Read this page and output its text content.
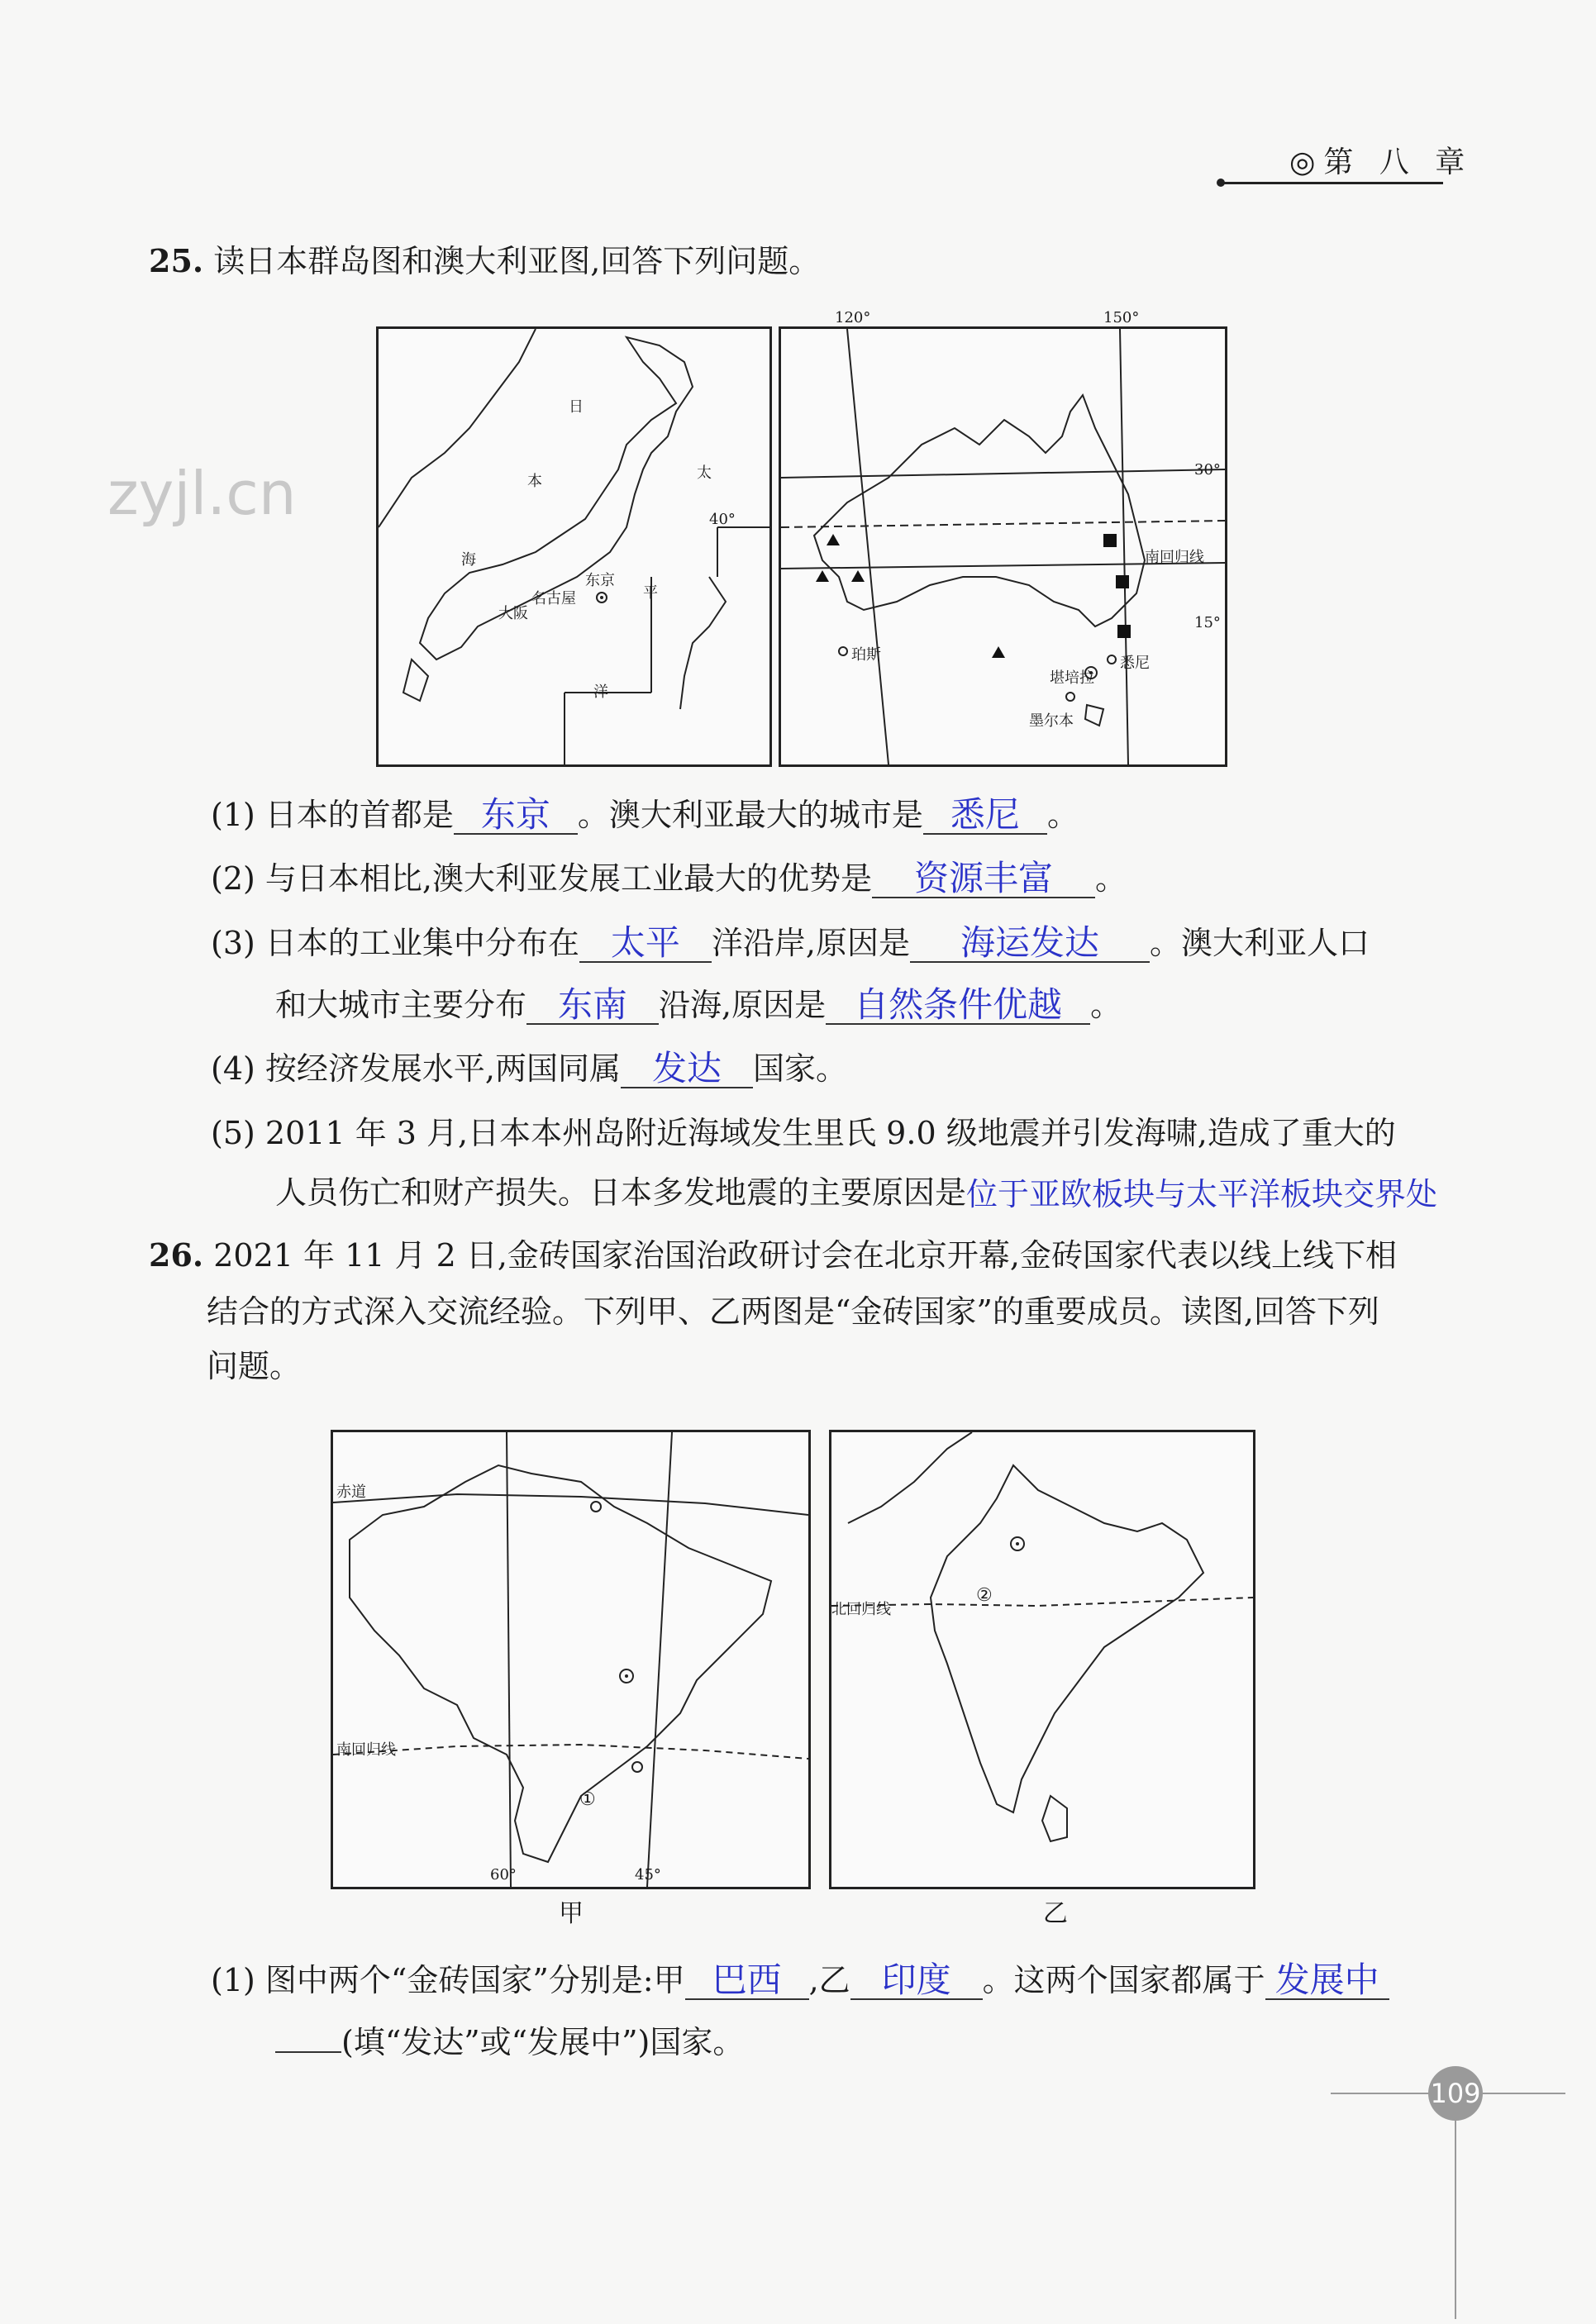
◎第 八 章
25. 读日本群岛图和澳大利亚图,回答下列问题。
日
本
海
太
平
洋
40°
东京
名古屋
大阪
120°	150°
30°
15°
南回归线
珀斯	悉尼
堪培拉
墨尔本
zyjl.cn
(1) 日本的首都是 东京 。澳大利亚最大的城市是 悉尼 。
(2) 与日本相比,澳大利亚发展工业最大的优势是 资源丰富 。
(3) 日本的工业集中分布在 太平 洋沿岸,原因是 海运发达 。澳大利亚人口
和大城市主要分布 东南 沿海,原因是 自然条件优越 。
(4) 按经济发展水平,两国同属 发达 国家。
(5) 2011 年 3 月,日本本州岛附近海域发生里氏 9.0 级地震并引发海啸,造成了重大的
人员伤亡和财产损失。日本多发地震的主要原因是位于亚欧板块与太平洋板块交界处
26. 2021 年 11 月 2 日,金砖国家治国治政研讨会在北京开幕,金砖国家代表以线上线下相
结合的方式深入交流经验。下列甲、乙两图是“金砖国家”的重要成员。读图,回答下列
问题。
赤道
南回归线
60°	45°
①
甲
北回归线
②
乙
(1) 图中两个“金砖国家”分别是:甲 巴西 ,乙 印度 。这两个国家都属于 发展中
(填“发达”或“发展中”)国家。
109
